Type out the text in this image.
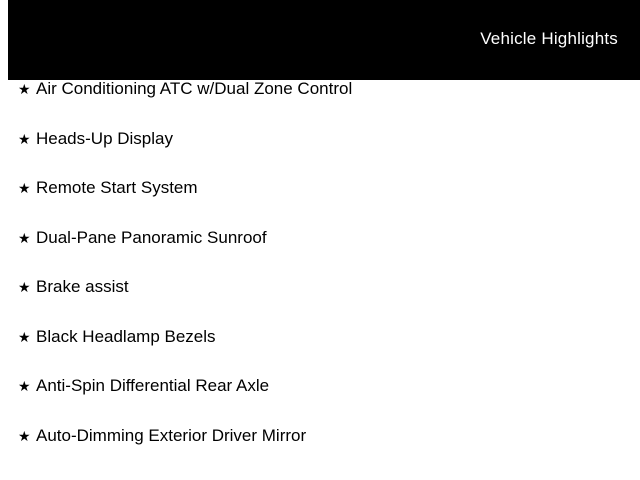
Vehicle Highlights
★ Air Conditioning ATC w/Dual Zone Control
★ Heads-Up Display
★ Remote Start System
★ Dual-Pane Panoramic Sunroof
★ Brake assist
★ Black Headlamp Bezels
★ Anti-Spin Differential Rear Axle
★ Auto-Dimming Exterior Driver Mirror
